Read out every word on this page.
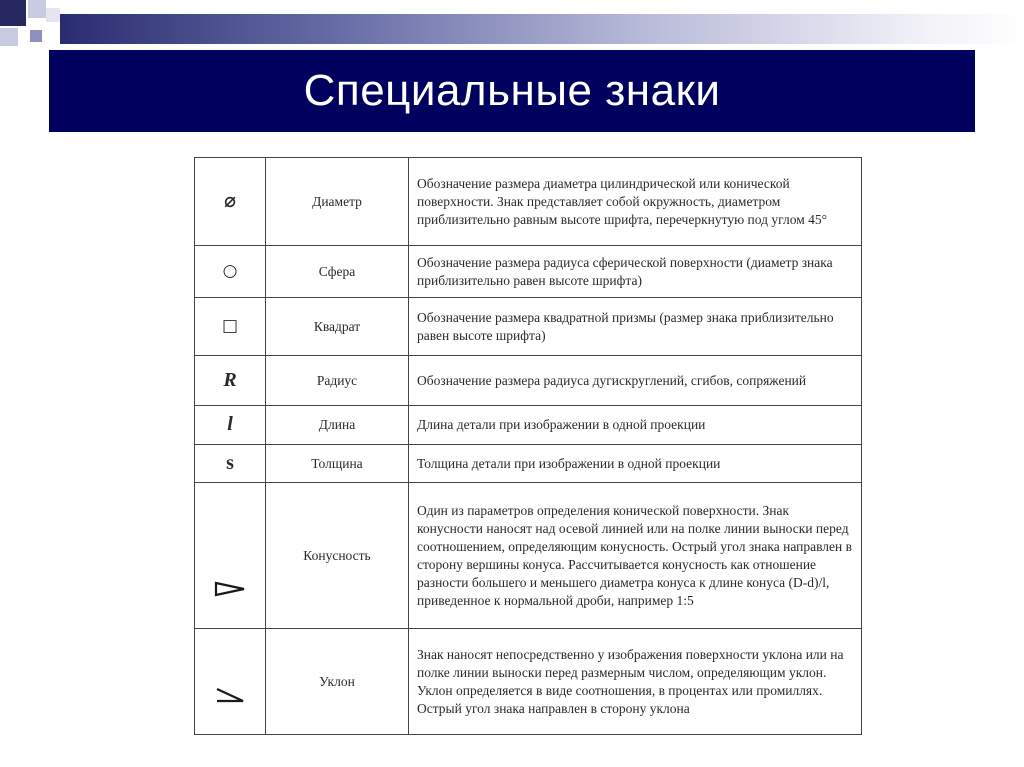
Специальные знаки
⌀	Диаметр	Обозначение размера диаметра цилиндрической или конической поверхности. Знак представляет собой окружность, диаметром приблизительно равным высоте шрифта, перечеркнутую под углом 45°
○	Сфера	Обозначение размера радиуса сферической поверхности (диаметр знака приблизительно равен высоте шрифта)
□	Квадрат	Обозначение размера квадратной призмы (размер знака приблизительно равен высоте шрифта)
R	Радиус	Обозначение размера радиуса дугискруглений, сгибов, сопряжений
l	Длина	Длина детали при изображении в одной проекции
s	Толщина	Толщина детали при изображении в одной проекции
	Конусность	Один из параметров определения конической поверхности. Знак конусности наносят над осевой линией или на полке линии выноски перед соотношением, определяющим конусность. Острый угол знака направлен в сторону вершины конуса. Рассчитывается конусность как отношение разности большего и меньшего диаметра конуса к длине конуса (D-d)/l, приведенное к нормальной дроби, например 1:5
	Уклон	Знак наносят непосредственно у изображения поверхности уклона или на полке линии выноски перед размерным числом, определяющим уклон. Уклон определяется в виде соотношения, в процентах или промиллях. Острый угол знака направлен в сторону уклона
